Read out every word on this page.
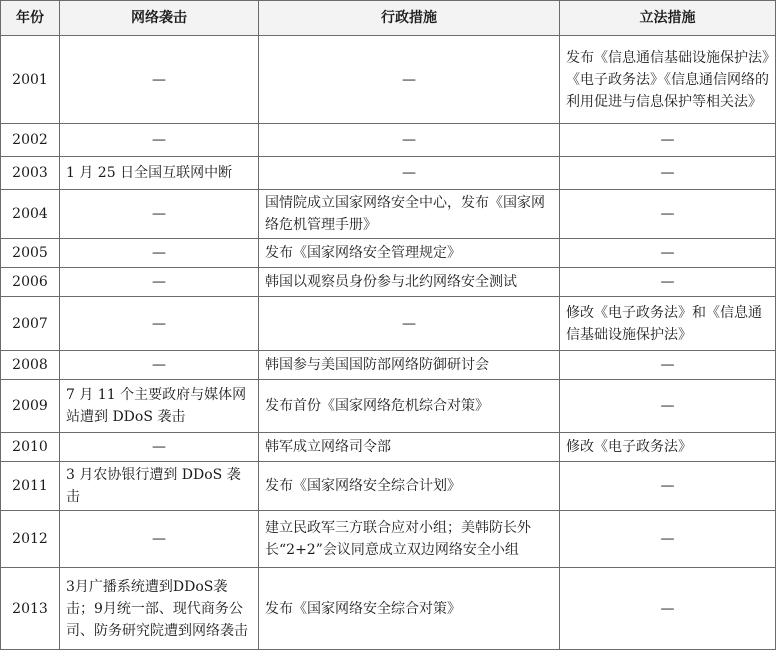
年份	网络袭击	行政措施	立法措施
2001	—	—	发布《信息通信基础设施保护法》《电子政务法》《信息通信网络的利用促进与信息保护等相关法》
2002	—	—	—
2003	1 月 25 日全国互联网中断	—	—
2004	—	国情院成立国家网络安全中心，发布《国家网络危机管理手册》	—
2005	—	发布《国家网络安全管理规定》	—
2006	—	韩国以观察员身份参与北约网络安全测试	—
2007	—	—	修改《电子政务法》和《信息通信基础设施保护法》
2008	—	韩国参与美国国防部网络防御研讨会	—
2009	7 月 11 个主要政府与媒体网站遭到 DDoS 袭击	发布首份《国家网络危机综合对策》	—
2010	—	韩军成立网络司令部	修改《电子政务法》
2011	3 月农协银行遭到 DDoS 袭击	发布《国家网络安全综合计划》	—
2012	—	建立民政军三方联合应对小组；美韩防长外长“2+2”会议同意成立双边网络安全小组	—
2013	3月广播系统遭到DDoS袭击；9月统一部、现代商务公司、防务研究院遭到网络袭击	发布《国家网络安全综合对策》	—
